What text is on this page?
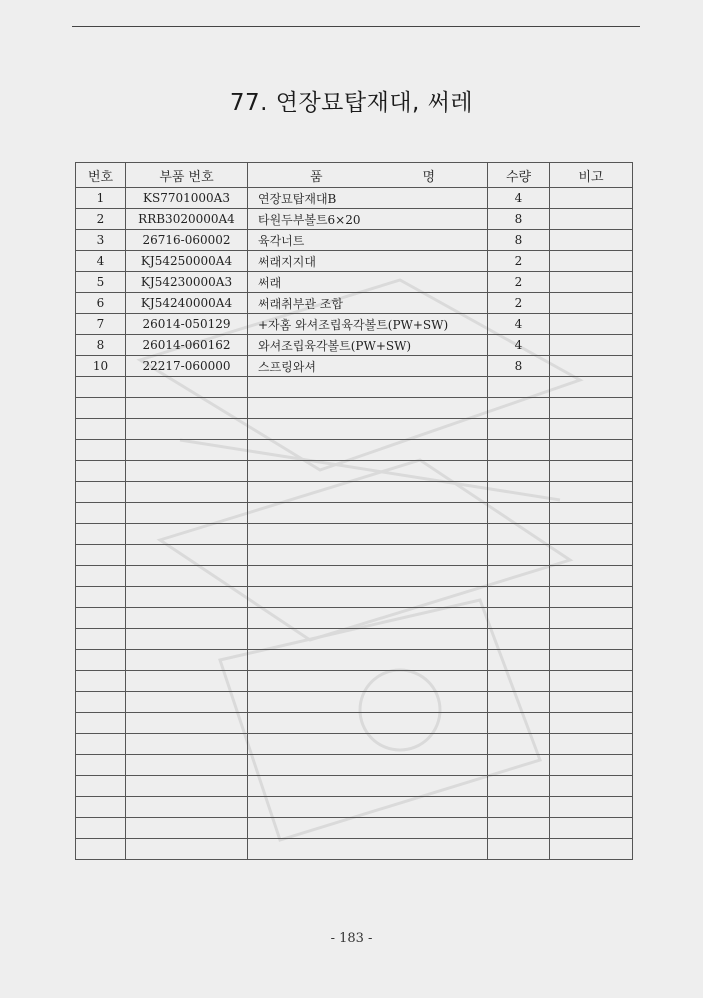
77. 연장묘탑재대, 써레
번호	부품 번호	품 명	수량	비고
1	KS7701000A3	연장묘탑재대B	4	
2	RRB3020000A4	타원두부볼트6×20	8	
3	26716-060002	육각너트	8	
4	KJ54250000A4	써래지지대	2	
5	KJ54230000A3	써래	2	
6	KJ54240000A4	써래취부관 조합	2	
7	26014-050129	+자홈 와셔조립육각볼트(PW+SW)	4	
8	26014-060162	와셔조립육각볼트(PW+SW)	4	
10	22217-060000	스프링와셔	8	

- 183 -
